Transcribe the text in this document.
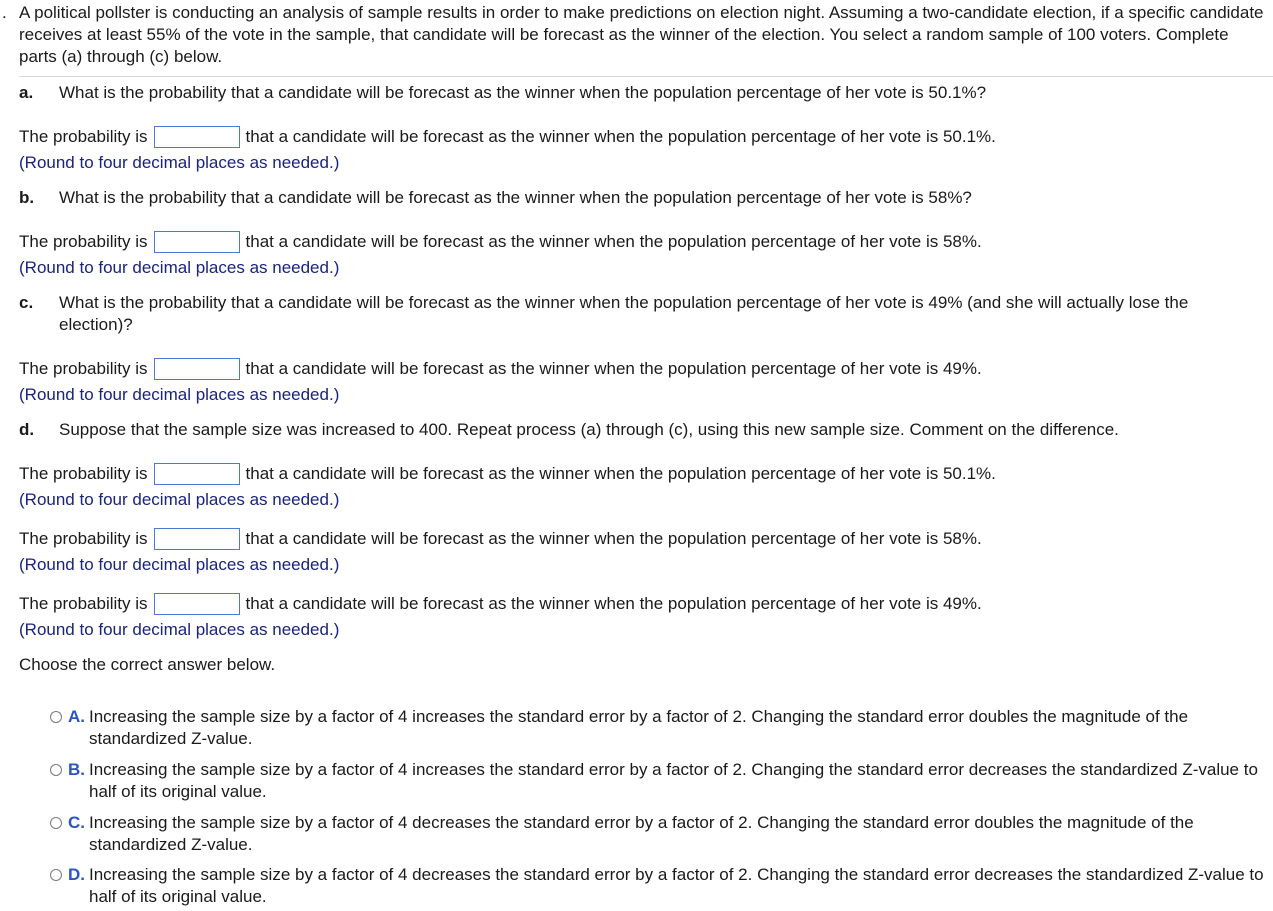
. A political pollster is conducting an analysis of sample results in order to make predictions on election night. Assuming a two-candidate election, if a specific candidate receives at least 55% of the vote in the sample, that candidate will be forecast as the winner of the election. You select a random sample of 100 voters. Complete parts (a) through (c) below.
a. What is the probability that a candidate will be forecast as the winner when the population percentage of her vote is 50.1%?
The probability is	that a candidate will be forecast as the winner when the population percentage of her vote is 50.1%.
(Round to four decimal places as needed.)
b. What is the probability that a candidate will be forecast as the winner when the population percentage of her vote is 58%?
The probability is	that a candidate will be forecast as the winner when the population percentage of her vote is 58%.
(Round to four decimal places as needed.)
c. What is the probability that a candidate will be forecast as the winner when the population percentage of her vote is 49% (and she will actually lose the election)?
The probability is	that a candidate will be forecast as the winner when the population percentage of her vote is 49%.
(Round to four decimal places as needed.)
d. Suppose that the sample size was increased to 400. Repeat process (a) through (c), using this new sample size. Comment on the difference.
The probability is	that a candidate will be forecast as the winner when the population percentage of her vote is 50.1%.
(Round to four decimal places as needed.)
The probability is	that a candidate will be forecast as the winner when the population percentage of her vote is 58%.
(Round to four decimal places as needed.)
The probability is	that a candidate will be forecast as the winner when the population percentage of her vote is 49%.
(Round to four decimal places as needed.)
Choose the correct answer below.
A. Increasing the sample size by a factor of 4 increases the standard error by a factor of 2. Changing the standard error doubles the magnitude of the standardized Z-value.
B. Increasing the sample size by a factor of 4 increases the standard error by a factor of 2. Changing the standard error decreases the standardized Z-value to half of its original value.
C. Increasing the sample size by a factor of 4 decreases the standard error by a factor of 2. Changing the standard error doubles the magnitude of the standardized Z-value.
D. Increasing the sample size by a factor of 4 decreases the standard error by a factor of 2. Changing the standard error decreases the standardized Z-value to half of its original value.
